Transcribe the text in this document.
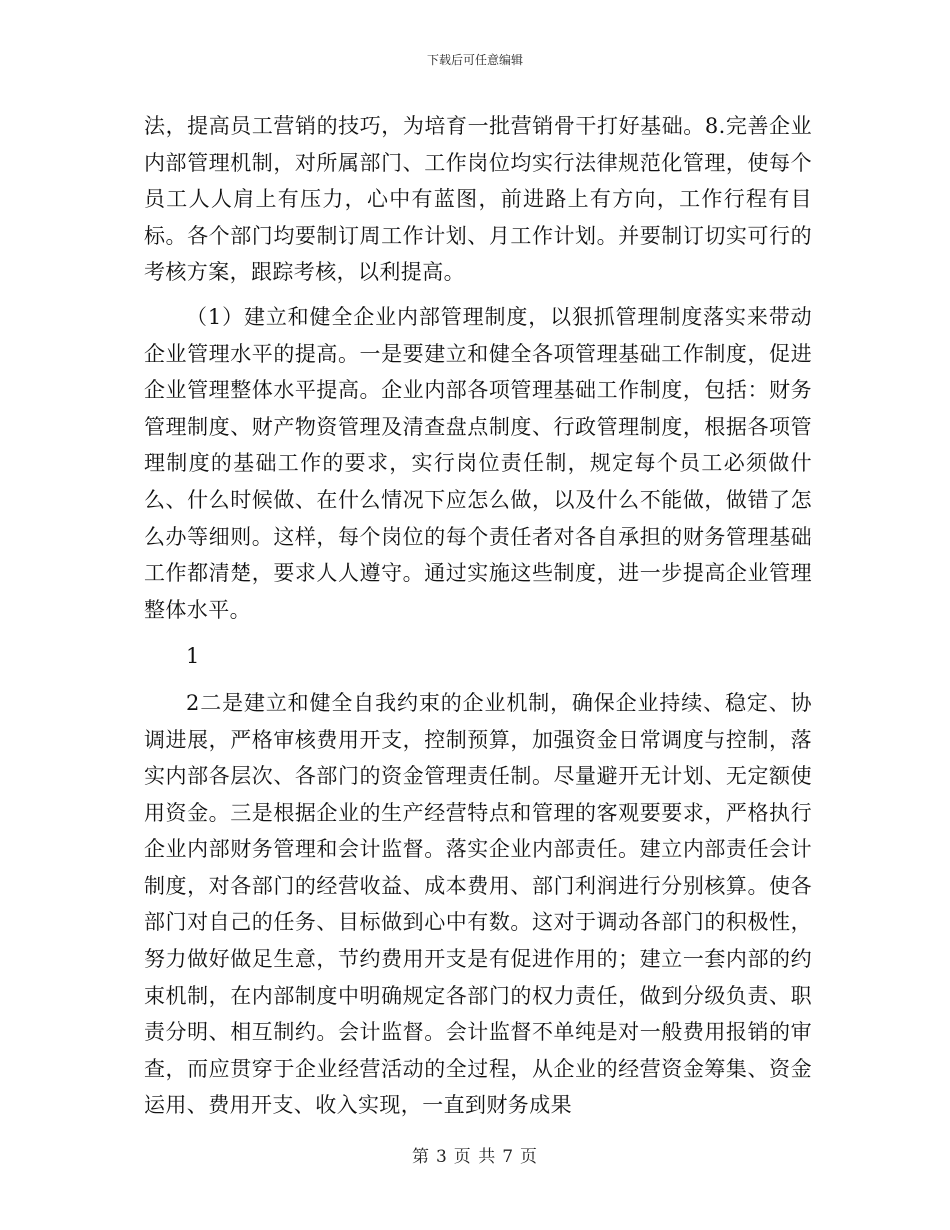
下载后可任意编辑

法，提高员工营销的技巧，为培育一批营销骨干打好基础。8.完善企业内部管理机制，对所属部门、工作岗位均实行法律规范化管理，使每个员工人人肩上有压力，心中有蓝图，前进路上有方向，工作行程有目标。各个部门均要制订周工作计划、月工作计划。并要制订切实可行的考核方案，跟踪考核，以利提高。

（1）建立和健全企业内部管理制度，以狠抓管理制度落实来带动企业管理水平的提高。一是要建立和健全各项管理基础工作制度，促进企业管理整体水平提高。企业内部各项管理基础工作制度，包括：财务管理制度、财产物资管理及清查盘点制度、行政管理制度，根据各项管理制度的基础工作的要求，实行岗位责任制，规定每个员工必须做什么、什么时候做、在什么情况下应怎么做，以及什么不能做，做错了怎么办等细则。这样，每个岗位的每个责任者对各自承担的财务管理基础工作都清楚，要求人人遵守。通过实施这些制度，进一步提高企业管理整体水平。

1

2二是建立和健全自我约束的企业机制，确保企业持续、稳定、协调进展，严格审核费用开支，控制预算，加强资金日常调度与控制，落实内部各层次、各部门的资金管理责任制。尽量避开无计划、无定额使用资金。三是根据企业的生产经营特点和管理的客观要要求，严格执行企业内部财务管理和会计监督。落实企业内部责任。建立内部责任会计制度，对各部门的经营收益、成本费用、部门利润进行分别核算。使各部门对自己的任务、目标做到心中有数。这对于调动各部门的积极性，努力做好做足生意，节约费用开支是有促进作用的；建立一套内部的约束机制，在内部制度中明确规定各部门的权力责任，做到分级负责、职责分明、相互制约。会计监督。会计监督不单纯是对一般费用报销的审查，而应贯穿于企业经营活动的全过程，从企业的经营资金筹集、资金运用、费用开支、收入实现，一直到财务成果

第 3 页 共 7 页
